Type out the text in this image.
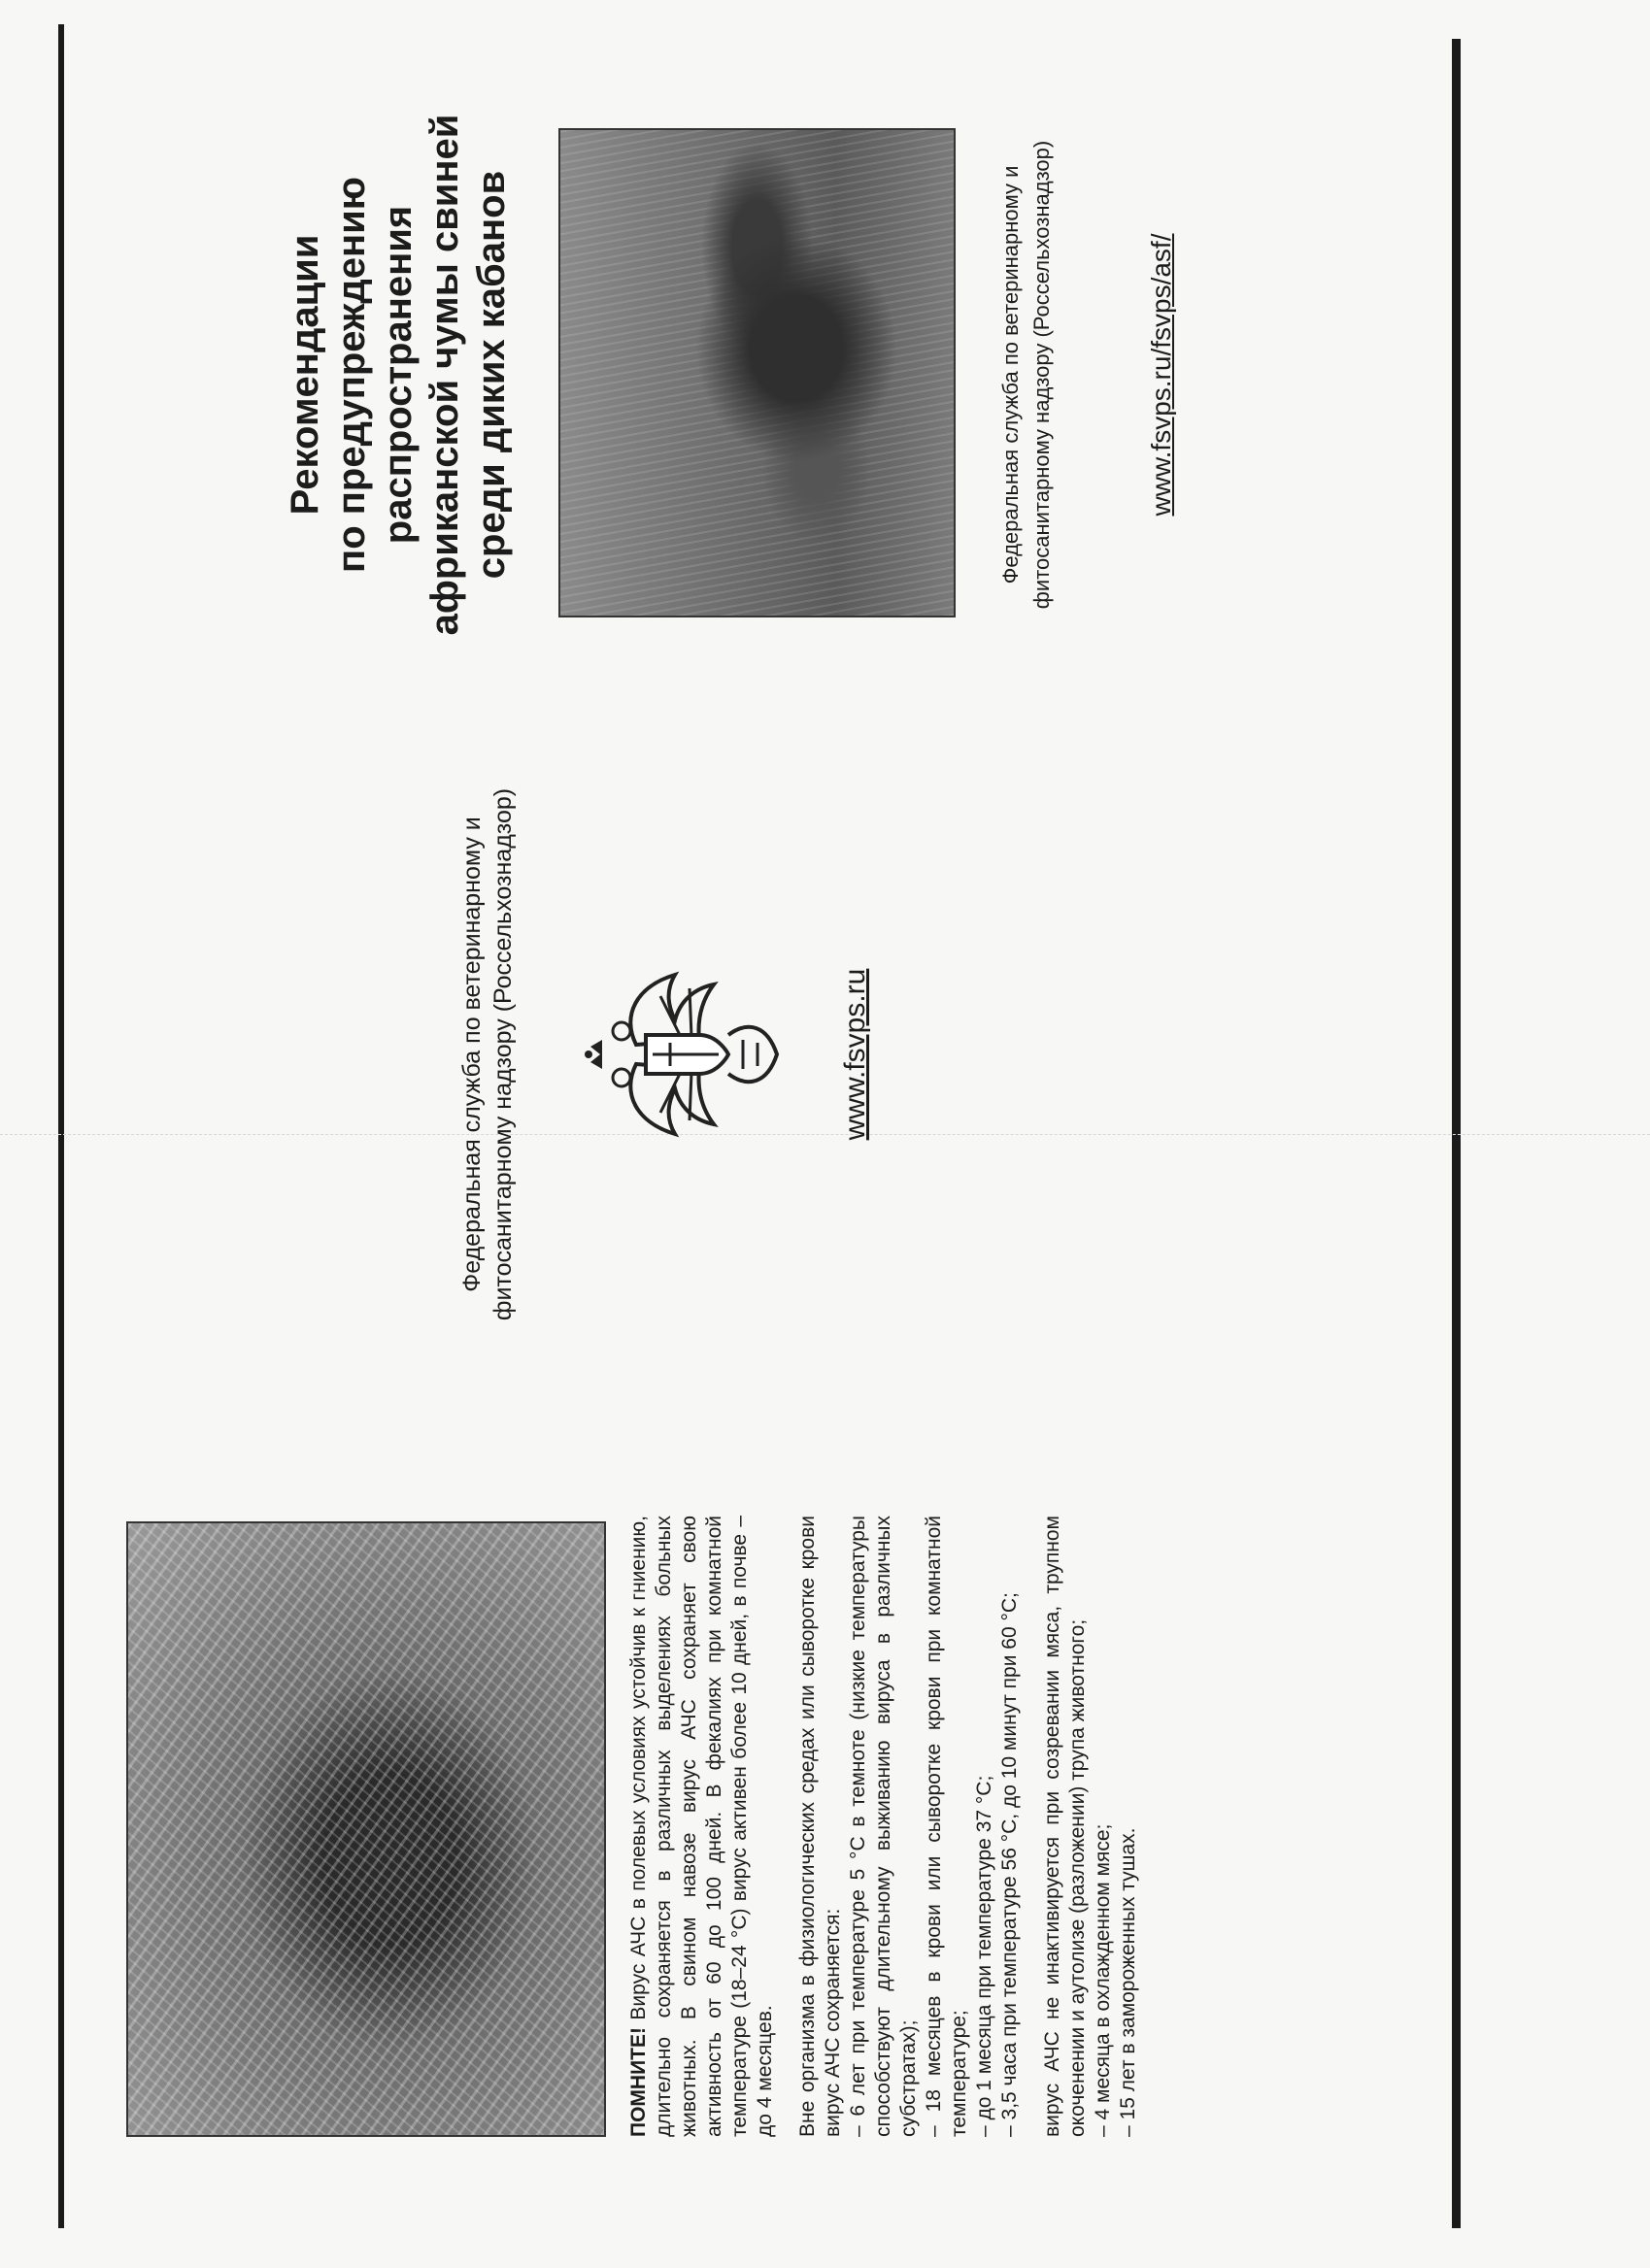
ПОМНИТЕ! Вирус АЧС в полевых условиях устойчив к гниению, длительно сохраняется в различных выделениях больных животных. В свином навозе вирус АЧС сохраняет свою активность от 60 до 100 дней. В фекалиях при комнатной температуре (18–24 °С) вирус активен более 10 дней, в почве – до 4 месяцев. Вне организма в физиологических средах или сыворотке крови вирус АЧС сохраняется: – 6 лет при температуре 5 °С в темноте (низкие температуры способствуют длительному выживанию вируса в различных субстратах); – 18 месяцев в крови или сыворотке крови при комнатной температуре; – до 1 месяца при температуре 37 °С; – 3,5 часа при температуре 56 °С, до 10 минут при 60 °С; вирус АЧС не инактивируется при созревании мяса, трупном окоченении и аутолизе (разложении) трупа животного; – 4 месяца в охлажденном мясе; – 15 лет в замороженных тушах.
Федеральная служба по ветеринарному и фитосанитарному надзору (Россельхознадзор)	www.fsvps.ru
Рекомендации по предупреждению распространения африканской чумы свиней среди диких кабанов	Федеральная служба по ветеринарному и фитосанитарному надзору (Россельхознадзор)	www.fsvps.ru/fsvps/asf/
